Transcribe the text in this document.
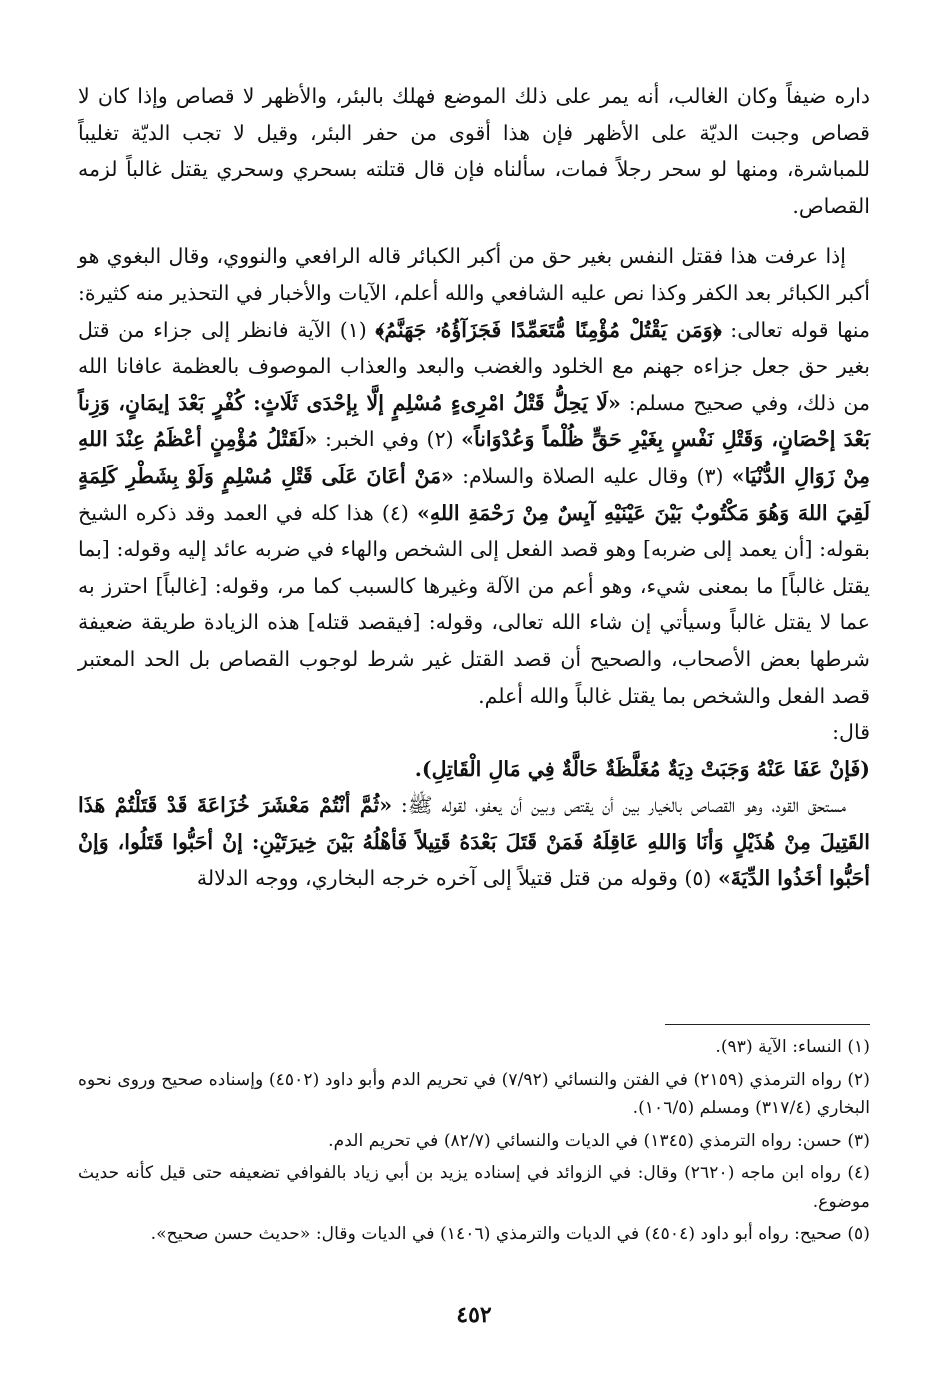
داره ضيفاً وكان الغالب، أنه يمر على ذلك الموضع فهلك بالبئر، والأظهر لا قصاص وإذا كان لا قصاص وجبت الديّة على الأظهر فإن هذا أقوى من حفر البئر، وقيل لا تجب الديّة تغليباً للمباشرة، ومنها لو سحر رجلاً فمات، سألناه فإن قال قتلته بسحري وسحري يقتل غالباً لزمه القصاص.

إذا عرفت هذا فقتل النفس بغير حق من أكبر الكبائر قاله الرافعي والنووي، وقال البغوي هو أكبر الكبائر بعد الكفر وكذا نص عليه الشافعي والله أعلم، الآيات والأخبار في التحذير منه كثيرة: منها قوله تعالى: ﴿وَمَن يَقْتُلْ مُؤْمِنًا مُّتَعَمِّدًا فَجَزَآؤُهُۥ جَهَنَّمُ﴾ (١) الآية فانظر إلى جزاء من قتل بغير حق جعل جزاءه جهنم مع الخلود والغضب والبعد والعذاب الموصوف بالعظمة عافانا الله من ذلك، وفي صحيح مسلم: «لَا يَحِلُّ قَتْلُ امْرِىءٍ مُسْلِمٍ إلَّا بِإحْدَى ثَلَاثٍ: كُفْرٍ بَعْدَ إيمَانٍ، وَزِناً بَعْدَ إحْصَانٍ، وَقَتْلِ نَفْسٍ بِغَيْرِ حَقٍّ ظُلْماً وَعُدْوَاناً» (٢) وفي الخبر: «لَقَتْلُ مُؤْمِنٍ أعْظَمُ عِنْدَ اللهِ مِنْ زَوَالِ الدُّنْيَا» (٣) وقال عليه الصلاة والسلام: «مَنْ أعَانَ عَلَى قَتْلِ مُسْلِمٍ وَلَوْ بِشَطْرِ كَلِمَةٍ لَقِيَ اللهَ وَهُوَ مَكْتُوبٌ بَيْنَ عَيْنَيْهِ آيِسٌ مِنْ رَحْمَةِ اللهِ» (٤) هذا كله في العمد وقد ذكره الشيخ بقوله: [أن يعمد إلى ضربه] وهو قصد الفعل إلى الشخص والهاء في ضربه عائد إليه وقوله: [بما يقتل غالباً] ما بمعنى شيء، وهو أعم من الآلة وغيرها كالسبب كما مر، وقوله: [غالباً] احترز به عما لا يقتل غالباً وسيأتي إن شاء الله تعالى، وقوله: [فيقصد قتله] هذه الزيادة طريقة ضعيفة شرطها بعض الأصحاب، والصحيح أن قصد القتل غير شرط لوجوب القصاص بل الحد المعتبر قصد الفعل والشخص بما يقتل غالباً والله أعلم.

قال:

(فَإنْ عَفَا عَنْهُ وَجَبَتْ دِيَةٌ مُغَلَّظَةٌ حَالَّةٌ فِي مَالِ الْقَاتِلِ).

مستحق القود، وهو القصاص بالخيار بين أن يقتص وبين أن يعفو، لقوله ﷺ: «ثُمَّ أنْتُمْ مَعْشَرَ خُزَاعَةَ قَدْ قَتَلْتُمْ هَذَا القَتِيلَ مِنْ هُذَيْلٍ وَأنَا وَاللهِ عَاقِلَهُ فَمَنْ قَتَلَ بَعْدَهُ قَتِيلاً فَأهْلُهُ بَيْنَ خِيرَتَيْنِ: إنْ أحَبُّوا قَتَلُوا، وَإنْ أحَبُّوا أخَذُوا الدِّيَةَ» (٥) وقوله من قتل قتيلاً إلى آخره خرجه البخاري، ووجه الدلالة

(١) النساء: الآية (٩٣).

(٢) رواه الترمذي (٢١٥٩) في الفتن والنسائي (٧/٩٢) في تحريم الدم وأبو داود (٤٥٠٢) وإسناده صحيح وروى نحوه البخاري (٣١٧/٤) ومسلم (١٠٦/٥).

(٣) حسن: رواه الترمذي (١٣٤٥) في الديات والنسائي (٨٢/٧) في تحريم الدم.

(٤) رواه ابن ماجه (٢٦٢٠) وقال: في الزوائد في إسناده يزيد بن أبي زياد بالفوافي تضعيفه حتى قيل كأنه حديث موضوع.

(٥) صحيح: رواه أبو داود (٤٥٠٤) في الديات والترمذي (١٤٠٦) في الديات وقال: «حديث حسن صحيح».

٤٥٢
